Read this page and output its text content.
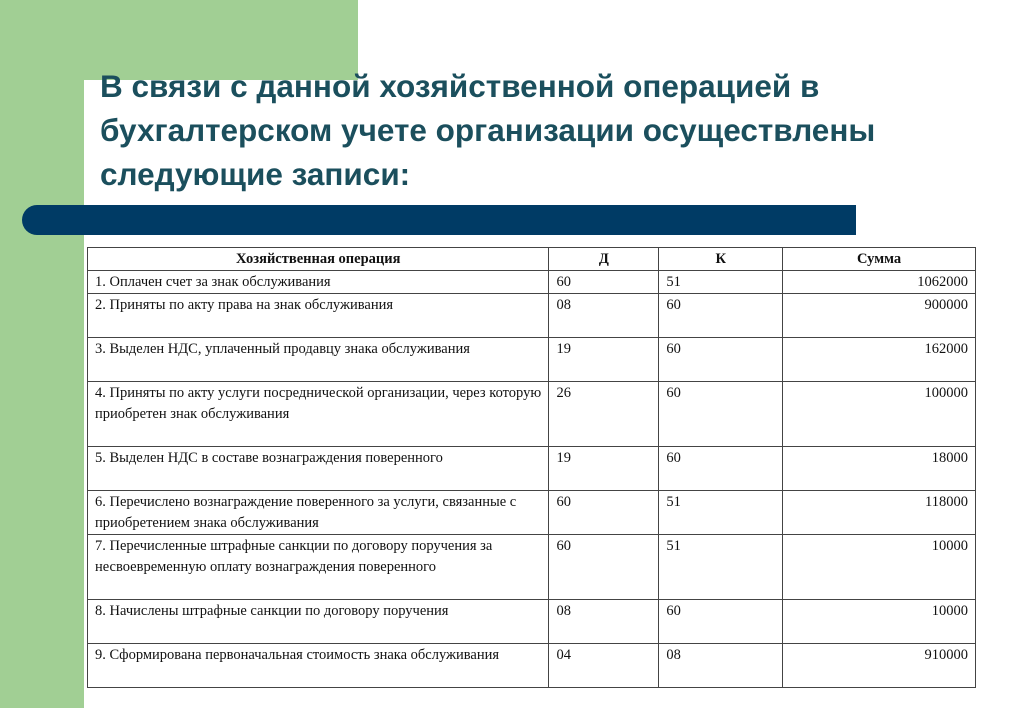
В связи с данной хозяйственной операцией в бухгалтерском учете организации осуществлены следующие записи:
Хозяйственная операция	Д	К	Сумма
1. Оплачен счет за знак обслуживания	60	51	1062000
2. Приняты по акту права на знак обслуживания	08	60	900000
3. Выделен НДС, уплаченный продавцу знака обслуживания	19	60	162000
4. Приняты по акту услуги посреднической организации, через которую приобретен знак обслуживания	26	60	100000
5. Выделен НДС в составе вознаграждения поверенного	19	60	18000
6. Перечислено вознаграждение поверенного за услуги, связанные с приобретением знака обслуживания	60	51	118000
7. Перечисленные штрафные санкции по договору поручения за несвоевременную оплату вознаграждения поверенного	60	51	10000
8. Начислены штрафные санкции по договору поручения	08	60	10000
9. Сформирована первоначальная стоимость знака обслуживания	04	08	910000
